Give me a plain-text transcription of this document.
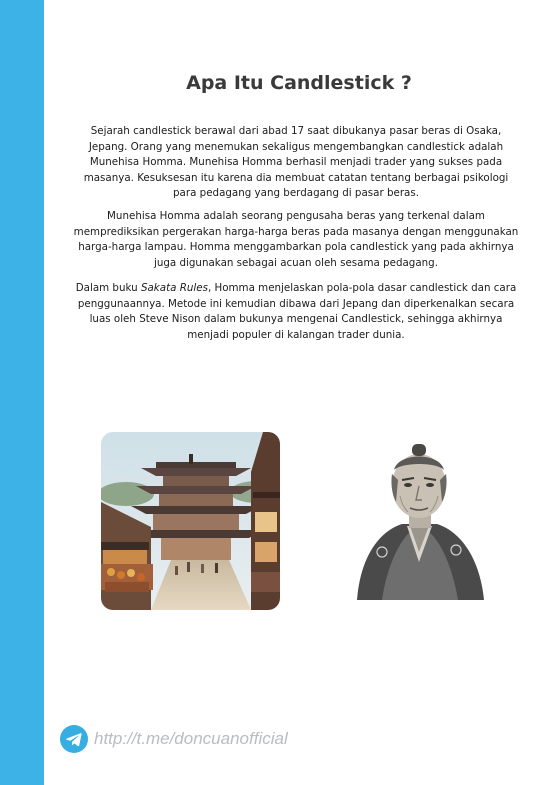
Apa Itu Candlestick ?

Sejarah candlestick berawal dari abad 17 saat dibukanya pasar beras di Osaka,
Jepang. Orang yang menemukan sekaligus mengembangkan candlestick adalah
Munehisa Homma. Munehisa Homma berhasil menjadi trader yang sukses pada
masanya. Kesuksesan itu karena dia membuat catatan tentang berbagai psikologi
para pedagang yang berdagang di pasar beras.

Munehisa Homma adalah seorang pengusaha beras yang terkenal dalam
memprediksikan pergerakan harga-harga beras pada masanya dengan menggunakan
harga-harga lampau. Homma menggambarkan pola candlestick yang pada akhirnya
juga digunakan sebagai acuan oleh sesama pedagang.

Dalam buku Sakata Rules, Homma menjelaskan pola-pola dasar candlestick dan cara
penggunaannya. Metode ini kemudian dibawa dari Jepang dan diperkenalkan secara
luas oleh Steve Nison dalam bukunya mengenai Candlestick, sehingga akhirnya
menjadi populer di kalangan trader dunia.

http://t.me/doncuanofficial
